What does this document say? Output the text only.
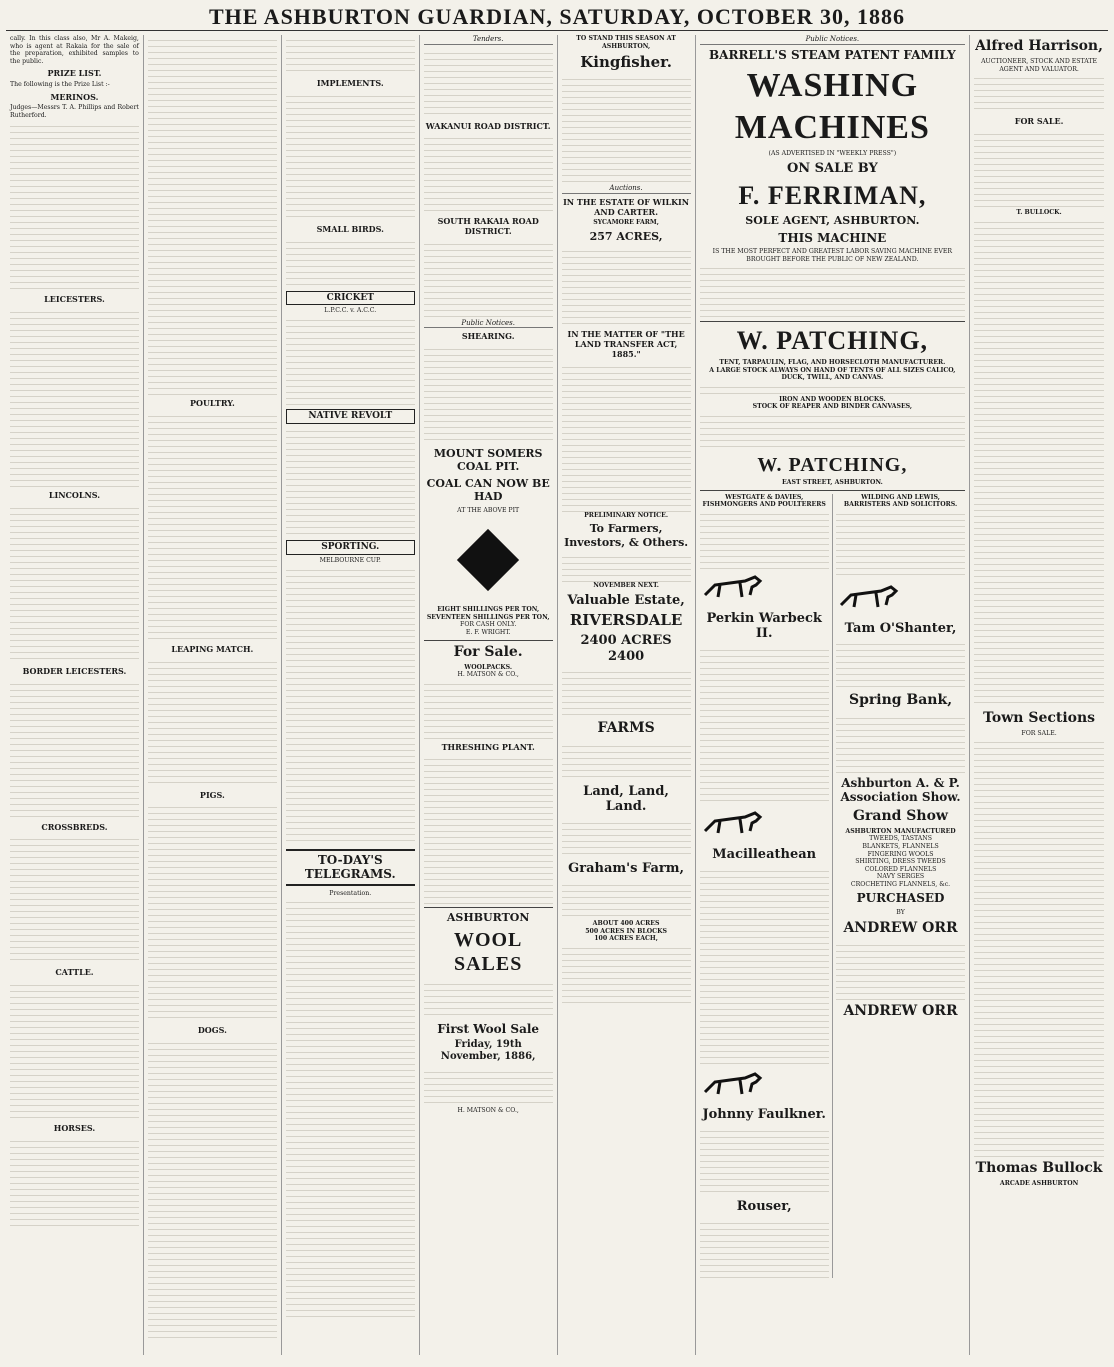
THE ASHBURTON GUARDIAN, SATURDAY, OCTOBER 30, 1886

cally. In this class also, Mr A. Makeig, who is agent at Rakaia for the sale of the preparation, exhibited samples to the public.

PRIZE LIST.

The following is the Prize List :-

MERINOS.

Judges—Messrs T. A. Phillips and Robert Rutherford.

LEICESTERS.
LINCOLNS.
BORDER LEICESTERS.
CROSSBREDS.
CATTLE.
HORSES.
POULTRY.
LEAPING MATCH.
PIGS.
DOGS.
IMPLEMENTS.
SMALL BIRDS.
CRICKET
L.P.C.C. v. A.C.C.
NATIVE REVOLT
SPORTING.
MELBOURNE CUP.
TO-DAY'S TELEGRAMS.
Presentation.
Tenders.
WAKANUI ROAD DISTRICT.
SOUTH RAKAIA ROAD DISTRICT.
Public Notices.
SHEARING.
MOUNT SOMERS COAL PIT.
COAL CAN NOW BE HAD
AT THE ABOVE PIT
EIGHT SHILLINGS PER TON,
SEVENTEEN SHILLINGS PER TON,
FOR CASH ONLY.
E. F. WRIGHT.
For Sale.
WOOLPACKS.
H. MATSON & CO.,
THRESHING PLANT.
ASHBURTON
WOOL SALES
First Wool Sale
Friday, 19th November, 1886,
H. MATSON & CO.,
TO STAND THIS SEASON AT ASHBURTON,
Kingfisher.
Auctions.
IN THE ESTATE OF WILKIN AND CARTER.
SYCAMORE FARM,
257 ACRES,
IN THE MATTER OF "THE LAND TRANSFER ACT, 1885."
PRELIMINARY NOTICE.
To Farmers, Investors, & Others.
NOVEMBER NEXT.
Valuable Estate,
RIVERSDALE
2400 ACRES 2400
FARMS
Land, Land, Land.
Graham's Farm,
ABOUT 400 ACRES
500 ACRES IN BLOCKS
100 ACRES EACH,
Public Notices.
BARRELL'S STEAM PATENT FAMILY
WASHING MACHINES
(AS ADVERTISED IN "WEEKLY PRESS")
ON SALE BY
F. FERRIMAN,
SOLE AGENT, ASHBURTON.
THIS MACHINE
IS THE MOST PERFECT AND GREATEST LABOR SAVING MACHINE EVER BROUGHT BEFORE THE PUBLIC OF NEW ZEALAND.
W. PATCHING,
TENT, TARPAULIN, FLAG, AND HORSECLOTH MANUFACTURER.
A LARGE STOCK ALWAYS ON HAND OF TENTS OF ALL SIZES CALICO, DUCK, TWILL, AND CANVAS.
IRON AND WOODEN BLOCKS.
STOCK OF REAPER AND BINDER CANVASES,
W. PATCHING,
EAST STREET, ASHBURTON.
WESTGATE & DAVIES,
FISHMONGERS AND POULTERERS
Perkin Warbeck II.
Macilleathean
Johnny Faulkner.
Rouser,
WILDING AND LEWIS,
BARRISTERS AND SOLICITORS.
Tam O'Shanter,
Spring Bank,
Ashburton A. & P. Association Show.
Grand Show
ASHBURTON MANUFACTURED
TWEEDS, TASTANS
BLANKETS, FLANNELS
FINGERING WOOLS
SHIRTING, DRESS TWEEDS
COLORED FLANNELS
NAVY SERGES
CROCHETING FLANNELS, &c.
PURCHASED
BY
ANDREW ORR
ANDREW ORR
Alfred Harrison,
AUCTIONEER, STOCK AND ESTATE AGENT AND VALUATOR.
FOR SALE.
T. BULLOCK.
Town Sections
FOR SALE.
Thomas Bullock
ARCADE ASHBURTON
